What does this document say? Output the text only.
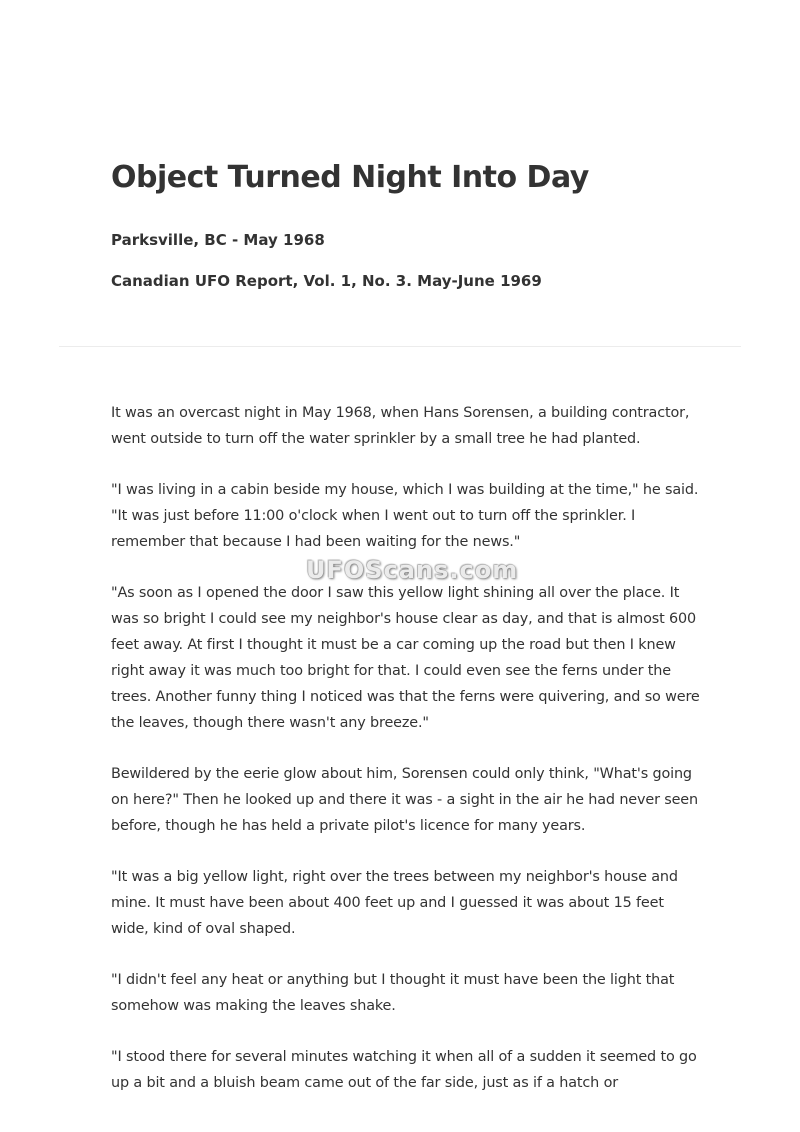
Object Turned Night Into Day

Parksville, BC - May 1968

Canadian UFO Report, Vol. 1, No. 3. May-June 1969

It was an overcast night in May 1968, when Hans Sorensen, a building contractor, went outside to turn off the water sprinkler by a small tree he had planted.

"I was living in a cabin beside my house, which I was building at the time," he said. "It was just before 11:00 o'clock when I went out to turn off the sprinkler. I remember that because I had been waiting for the news."

"As soon as I opened the door I saw this yellow light shining all over the place. It was so bright I could see my neighbor's house clear as day, and that is almost 600 feet away. At first I thought it must be a car coming up the road but then I knew right away it was much too bright for that. I could even see the ferns under the trees. Another funny thing I noticed was that the ferns were quivering, and so were the leaves, though there wasn't any breeze."

Bewildered by the eerie glow about him, Sorensen could only think, "What's going on here?" Then he looked up and there it was - a sight in the air he had never seen before, though he has held a private pilot's licence for many years.

"It was a big yellow light, right over the trees between my neighbor's house and mine. It must have been about 400 feet up and I guessed it was about 15 feet wide, kind of oval shaped.

"I didn't feel any heat or anything but I thought it must have been the light that somehow was making the leaves shake.

"I stood there for several minutes watching it when all of a sudden it seemed to go up a bit and a bluish beam came out of the far side, just as if a hatch or

UFOScans.com
